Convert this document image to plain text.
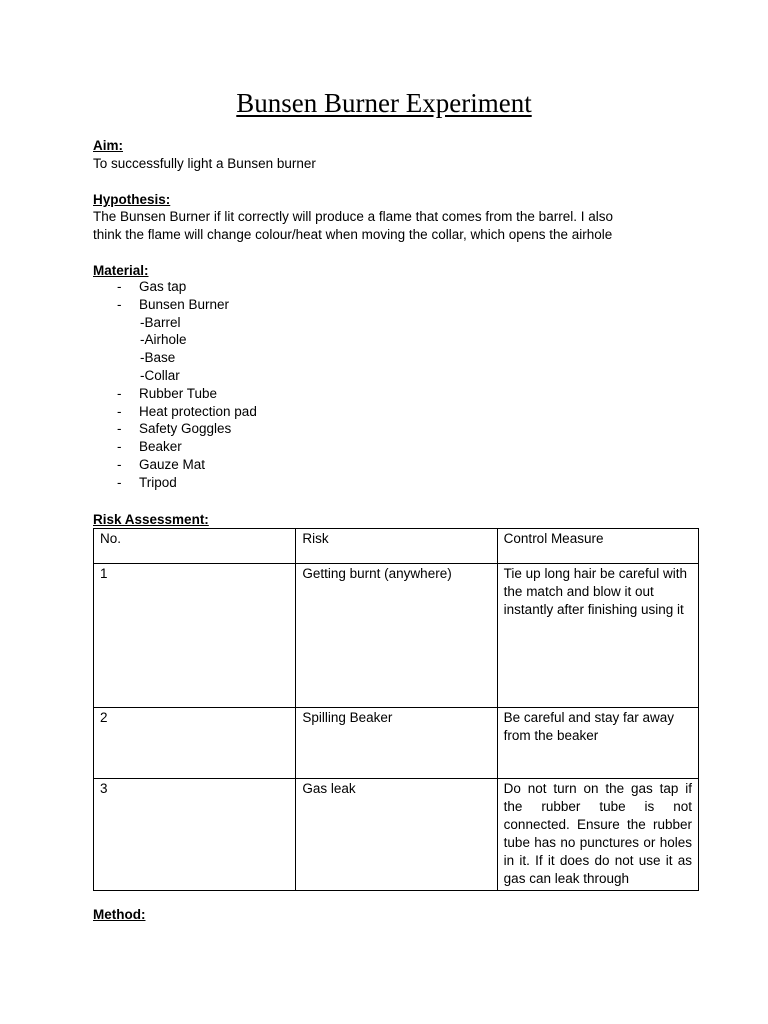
Bunsen Burner Experiment
Aim:
To successfully light a Bunsen burner
Hypothesis:
The Bunsen Burner if lit correctly will produce a flame that comes from the barrel. I also
think the flame will change colour/heat when moving the collar, which opens the airhole
Material:
- Gas tap
- Bunsen Burner
-Barrel
-Airhole
-Base
-Collar
- Rubber Tube
- Heat protection pad
- Safety Goggles
- Beaker
- Gauze Mat
- Tripod
Risk Assessment:
No.	Risk	Control Measure
1	Getting burnt (anywhere)	Tie up long hair be careful with the match and blow it out instantly after finishing using it
2	Spilling Beaker	Be careful and stay far away from the beaker
3	Gas leak	Do not turn on the gas tap if the rubber tube is not connected. Ensure the rubber tube has no punctures or holes in it. If it does do not use it as gas can leak through
Method:
